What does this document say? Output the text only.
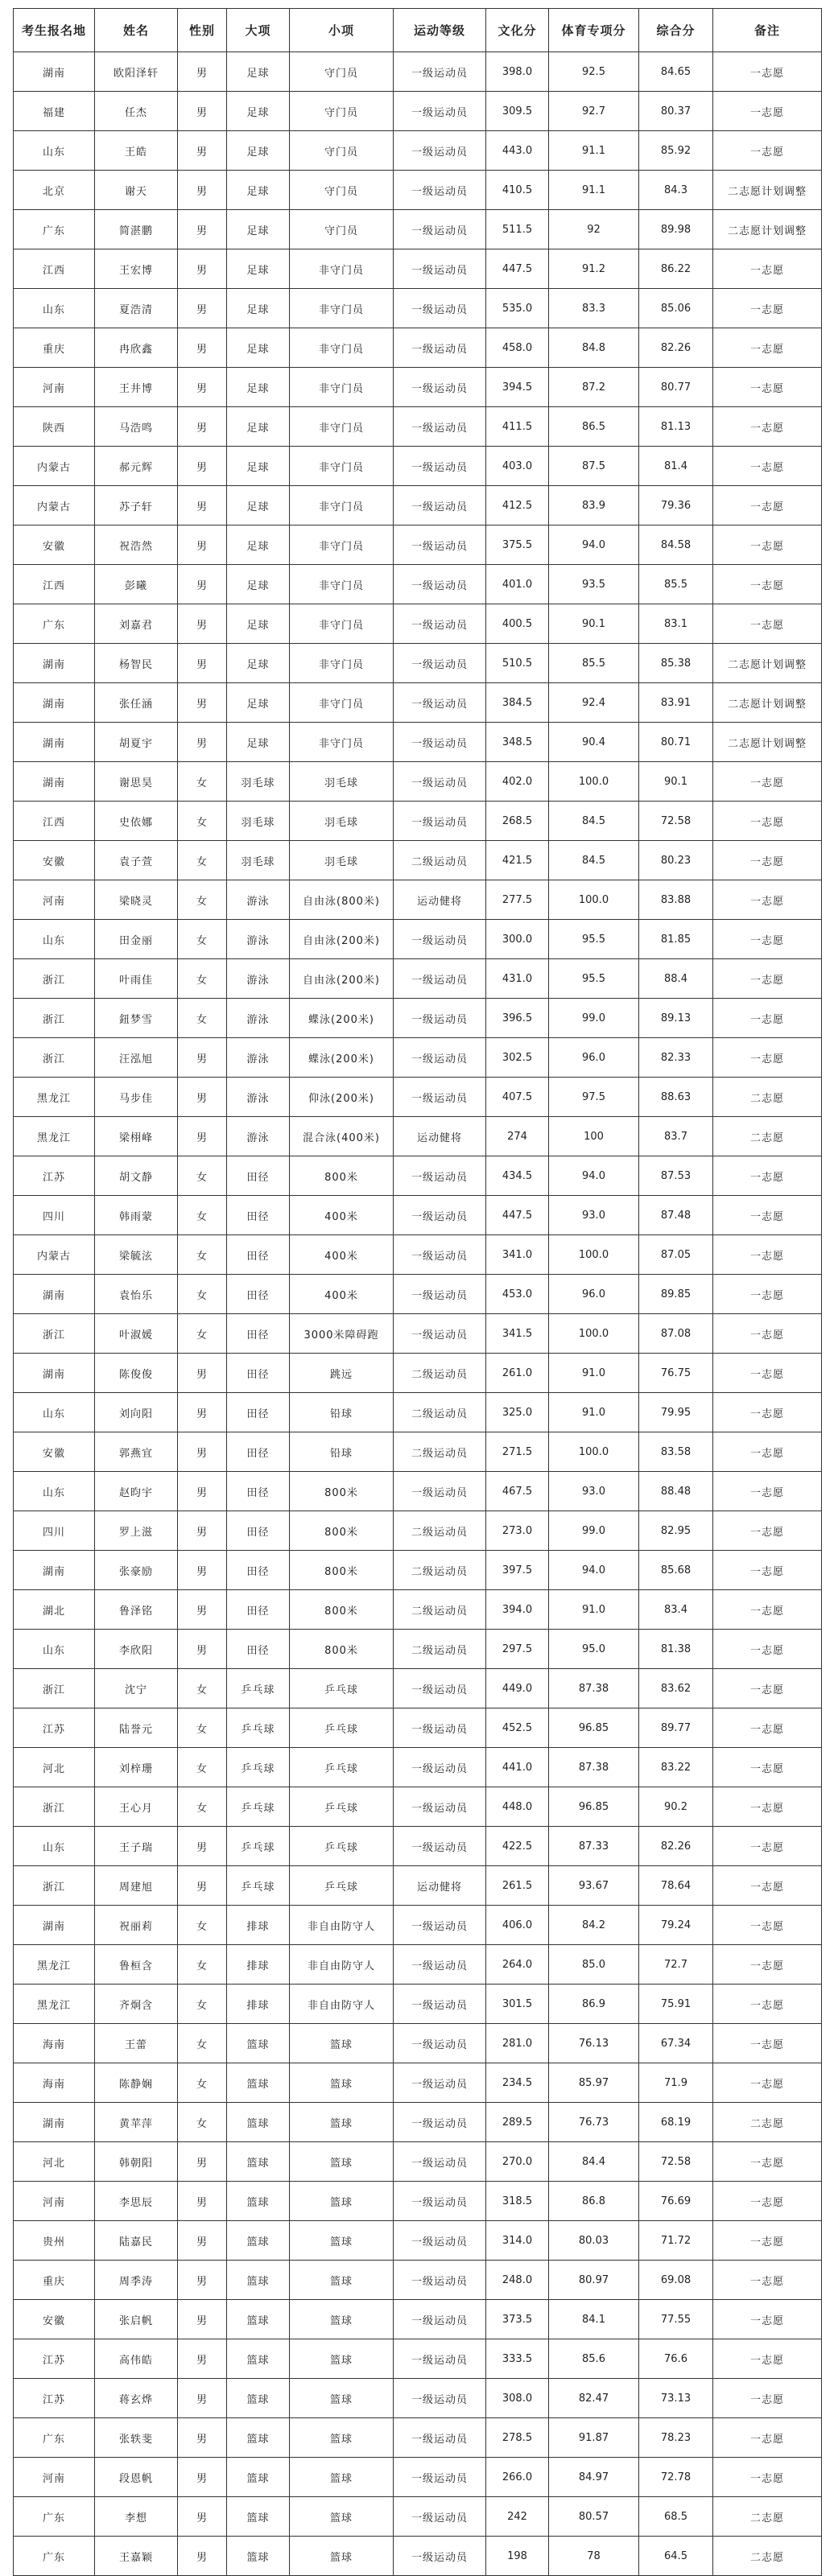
考生报名地	姓名	性别	大项	小项	运动等级	文化分	体育专项分	综合分	备注
湖南	欧阳泽轩	男	足球	守门员	一级运动员	398.0	92.5	84.65	一志愿
福建	任杰	男	足球	守门员	一级运动员	309.5	92.7	80.37	一志愿
山东	王皓	男	足球	守门员	一级运动员	443.0	91.1	85.92	一志愿
北京	谢天	男	足球	守门员	一级运动员	410.5	91.1	84.3	二志愿计划调整
广东	简湛鹏	男	足球	守门员	一级运动员	511.5	92	89.98	二志愿计划调整
江西	王宏博	男	足球	非守门员	一级运动员	447.5	91.2	86.22	一志愿
山东	夏浩清	男	足球	非守门员	一级运动员	535.0	83.3	85.06	一志愿
重庆	冉欣鑫	男	足球	非守门员	一级运动员	458.0	84.8	82.26	一志愿
河南	王井博	男	足球	非守门员	一级运动员	394.5	87.2	80.77	一志愿
陕西	马浩鸣	男	足球	非守门员	一级运动员	411.5	86.5	81.13	一志愿
内蒙古	郝元辉	男	足球	非守门员	一级运动员	403.0	87.5	81.4	一志愿
内蒙古	苏子轩	男	足球	非守门员	一级运动员	412.5	83.9	79.36	一志愿
安徽	祝浩然	男	足球	非守门员	一级运动员	375.5	94.0	84.58	一志愿
江西	彭曦	男	足球	非守门员	一级运动员	401.0	93.5	85.5	一志愿
广东	刘嘉君	男	足球	非守门员	一级运动员	400.5	90.1	83.1	一志愿
湖南	杨智民	男	足球	非守门员	一级运动员	510.5	85.5	85.38	二志愿计划调整
湖南	张任涵	男	足球	非守门员	一级运动员	384.5	92.4	83.91	二志愿计划调整
湖南	胡夏宇	男	足球	非守门员	一级运动员	348.5	90.4	80.71	二志愿计划调整
湖南	谢思昊	女	羽毛球	羽毛球	一级运动员	402.0	100.0	90.1	一志愿
江西	史依娜	女	羽毛球	羽毛球	一级运动员	268.5	84.5	72.58	一志愿
安徽	袁子萱	女	羽毛球	羽毛球	二级运动员	421.5	84.5	80.23	一志愿
河南	梁晓灵	女	游泳	自由泳(800米)	运动健将	277.5	100.0	83.88	一志愿
山东	田金丽	女	游泳	自由泳(200米)	一级运动员	300.0	95.5	81.85	一志愿
浙江	叶雨佳	女	游泳	自由泳(200米)	一级运动员	431.0	95.5	88.4	一志愿
浙江	鈕梦雪	女	游泳	蝶泳(200米)	一级运动员	396.5	99.0	89.13	一志愿
浙江	汪泓旭	男	游泳	蝶泳(200米)	一级运动员	302.5	96.0	82.33	一志愿
黑龙江	马步佳	男	游泳	仰泳(200米)	一级运动员	407.5	97.5	88.63	二志愿
黑龙江	梁栩峰	男	游泳	混合泳(400米)	运动健将	274	100	83.7	二志愿
江苏	胡文静	女	田径	800米	一级运动员	434.5	94.0	87.53	一志愿
四川	韩雨蒙	女	田径	400米	一级运动员	447.5	93.0	87.48	一志愿
内蒙古	梁毓泫	女	田径	400米	一级运动员	341.0	100.0	87.05	一志愿
湖南	袁怡乐	女	田径	400米	一级运动员	453.0	96.0	89.85	一志愿
浙江	叶淑媛	女	田径	3000米障碍跑	一级运动员	341.5	100.0	87.08	一志愿
湖南	陈俊俊	男	田径	跳远	二级运动员	261.0	91.0	76.75	一志愿
山东	刘向阳	男	田径	铅球	二级运动员	325.0	91.0	79.95	一志愿
安徽	郭燕宜	男	田径	铅球	二级运动员	271.5	100.0	83.58	一志愿
山东	赵昀宇	男	田径	800米	一级运动员	467.5	93.0	88.48	一志愿
四川	罗上滋	男	田径	800米	二级运动员	273.0	99.0	82.95	一志愿
湖南	张豪励	男	田径	800米	二级运动员	397.5	94.0	85.68	一志愿
湖北	鲁泽铭	男	田径	800米	二级运动员	394.0	91.0	83.4	一志愿
山东	李欣阳	男	田径	800米	二级运动员	297.5	95.0	81.38	一志愿
浙江	沈宁	女	乒乓球	乒乓球	一级运动员	449.0	87.38	83.62	一志愿
江苏	陆誉元	女	乒乓球	乒乓球	一级运动员	452.5	96.85	89.77	一志愿
河北	刘梓珊	女	乒乓球	乒乓球	一级运动员	441.0	87.38	83.22	一志愿
浙江	王心月	女	乒乓球	乒乓球	一级运动员	448.0	96.85	90.2	一志愿
山东	王子瑞	男	乒乓球	乒乓球	一级运动员	422.5	87.33	82.26	一志愿
浙江	周建旭	男	乒乓球	乒乓球	运动健将	261.5	93.67	78.64	一志愿
湖南	祝丽莉	女	排球	非自由防守人	一级运动员	406.0	84.2	79.24	一志愿
黑龙江	鲁桓含	女	排球	非自由防守人	一级运动员	264.0	85.0	72.7	一志愿
黑龙江	齐炯含	女	排球	非自由防守人	一级运动员	301.5	86.9	75.91	一志愿
海南	王蕾	女	篮球	篮球	一级运动员	281.0	76.13	67.34	一志愿
海南	陈静娴	女	篮球	篮球	一级运动员	234.5	85.97	71.9	一志愿
湖南	黄苹萍	女	篮球	篮球	一级运动员	289.5	76.73	68.19	二志愿
河北	韩朝阳	男	篮球	篮球	一级运动员	270.0	84.4	72.58	一志愿
河南	李思辰	男	篮球	篮球	一级运动员	318.5	86.8	76.69	一志愿
贵州	陆嘉民	男	篮球	篮球	一级运动员	314.0	80.03	71.72	一志愿
重庆	周季涛	男	篮球	篮球	一级运动员	248.0	80.97	69.08	一志愿
安徽	张启帆	男	篮球	篮球	一级运动员	373.5	84.1	77.55	一志愿
江苏	高伟皓	男	篮球	篮球	一级运动员	333.5	85.6	76.6	一志愿
江苏	蒋玄烨	男	篮球	篮球	一级运动员	308.0	82.47	73.13	一志愿
广东	张轶斐	男	篮球	篮球	一级运动员	278.5	91.87	78.23	一志愿
河南	段恩帆	男	篮球	篮球	一级运动员	266.0	84.97	72.78	一志愿
广东	李想	男	篮球	篮球	一级运动员	242	80.57	68.5	二志愿
广东	王嘉颖	男	篮球	篮球	一级运动员	198	78	64.5	二志愿
